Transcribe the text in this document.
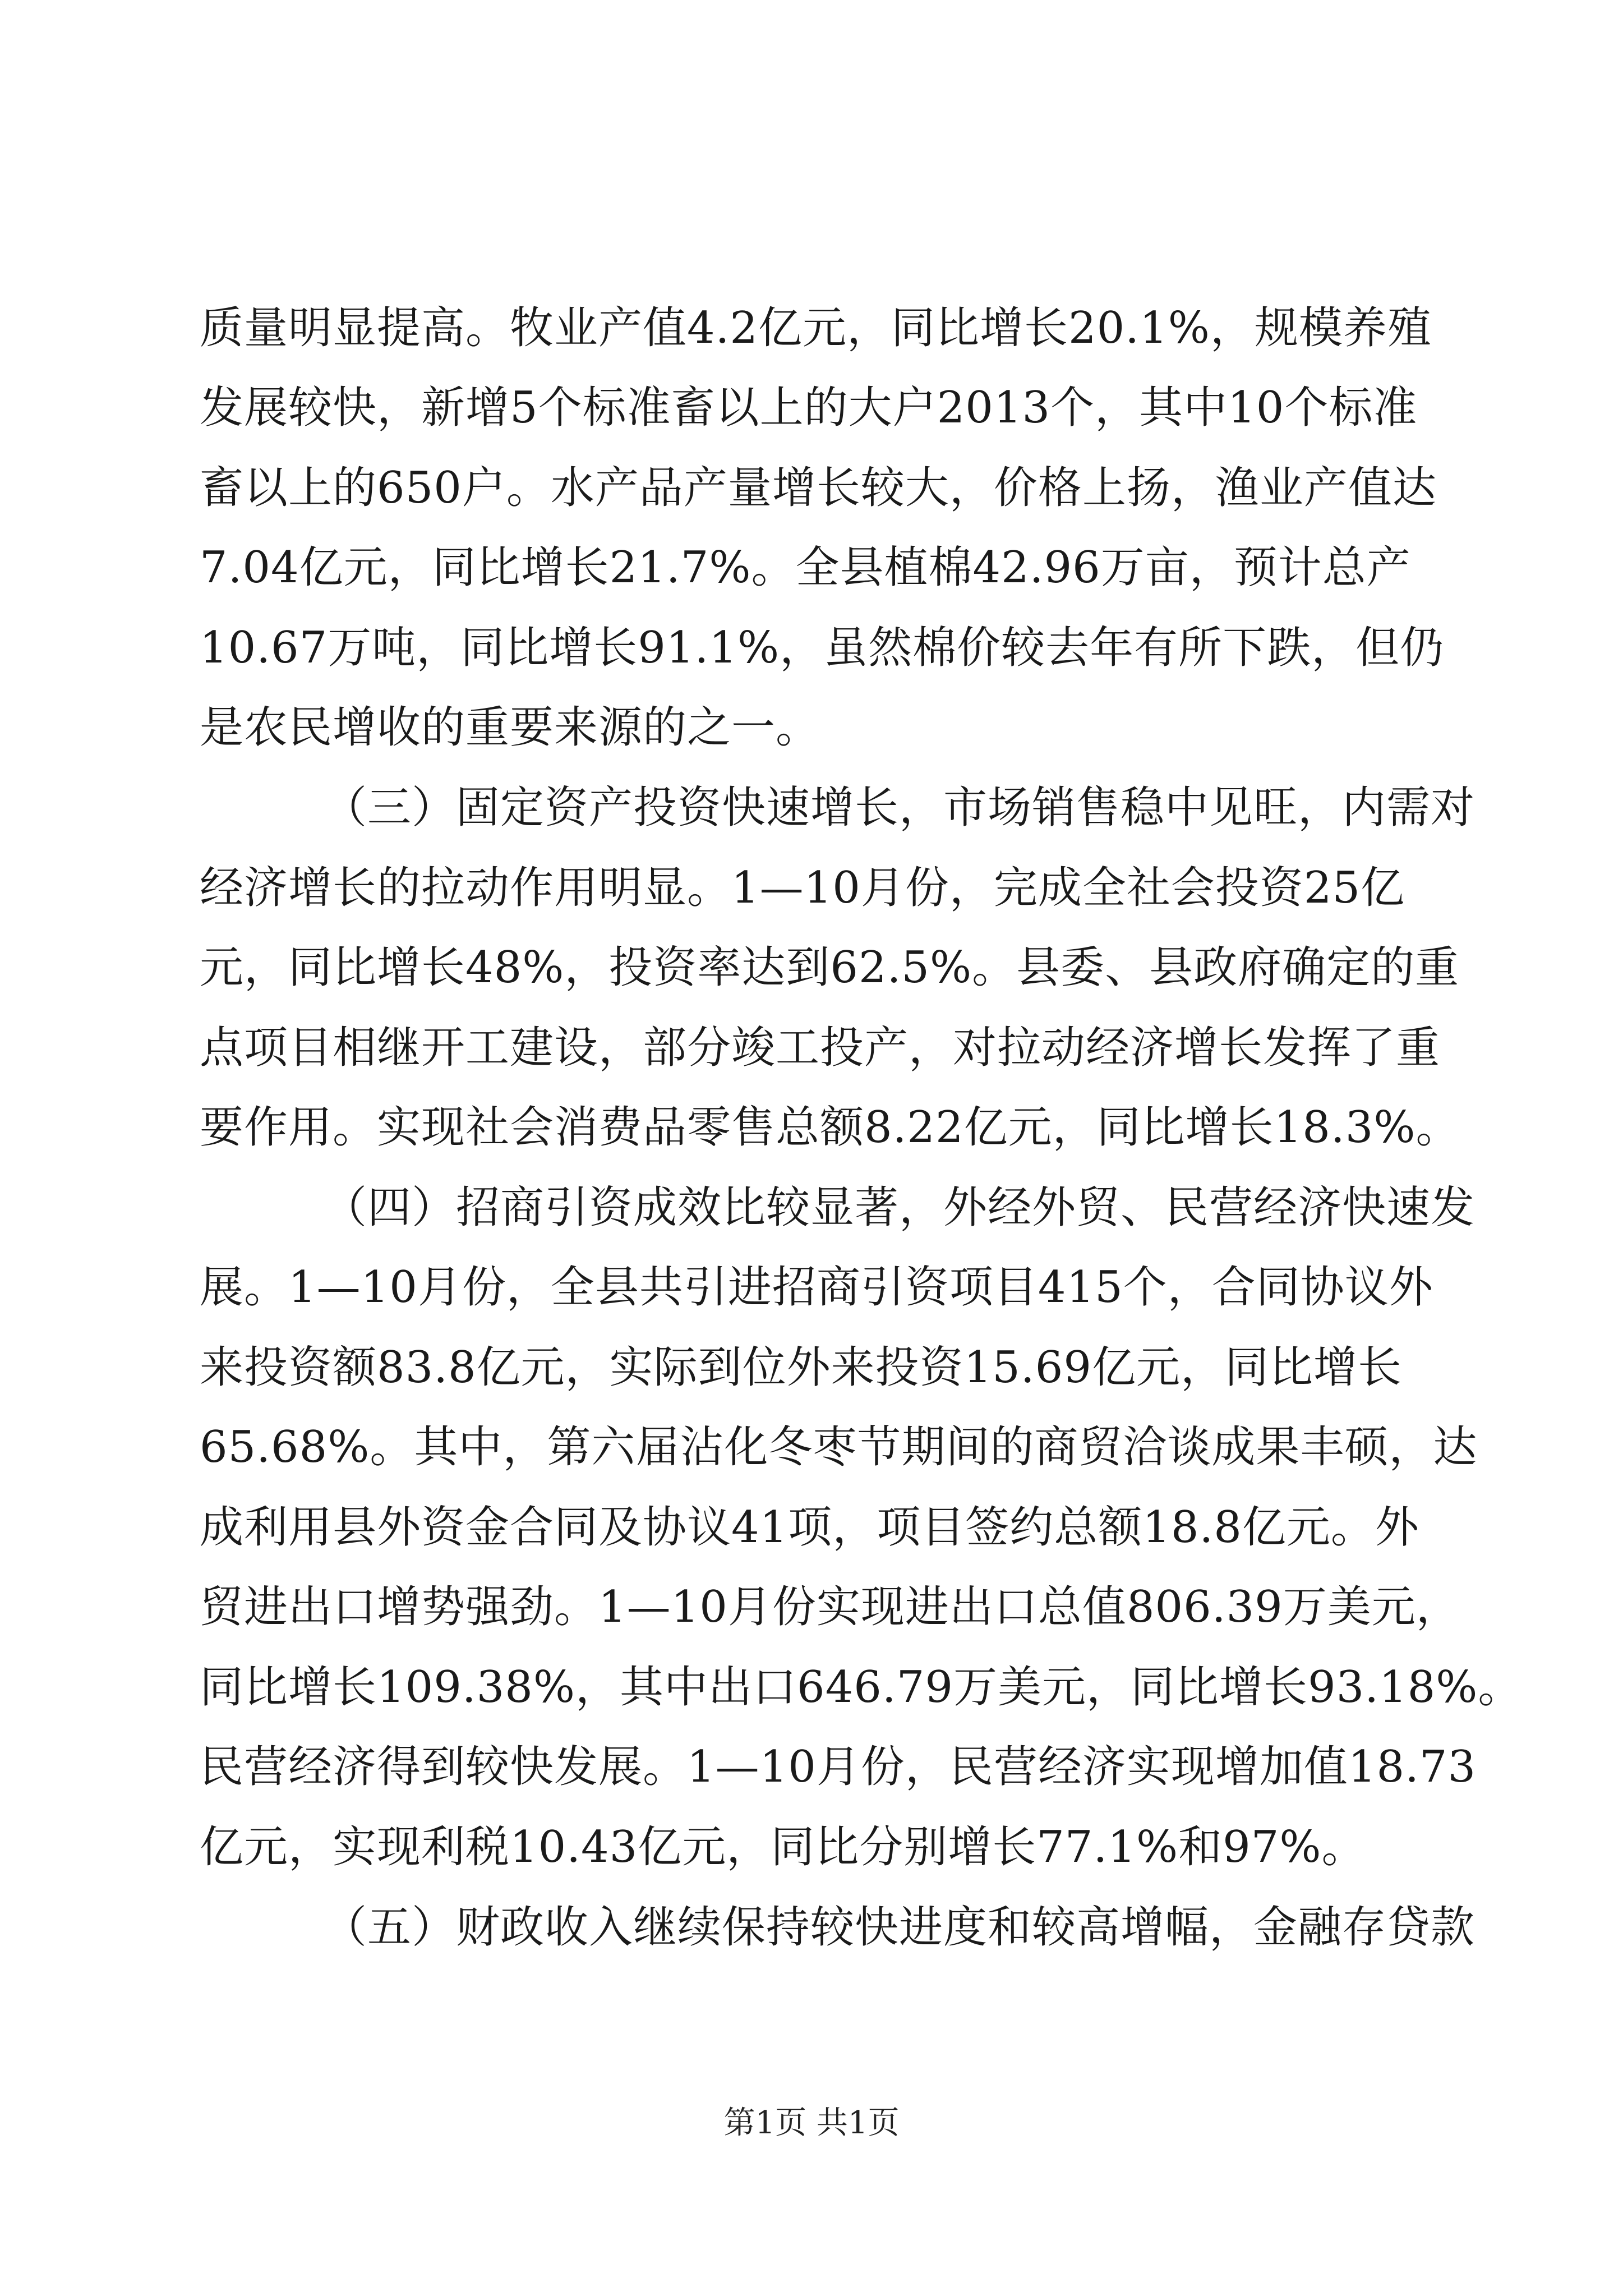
质量明显提高。牧业产值4.2亿元，同比增长20.1%，规模养殖
发展较快，新增5个标准畜以上的大户2013个，其中10个标准
畜以上的650户。水产品产量增长较大，价格上扬，渔业产值达
7.04亿元，同比增长21.7%。全县植棉42.96万亩，预计总产
10.67万吨，同比增长91.1%，虽然棉价较去年有所下跌，但仍
是农民增收的重要来源的之一。
（三）固定资产投资快速增长，市场销售稳中见旺，内需对
经济增长的拉动作用明显。1—10月份，完成全社会投资25亿
元，同比增长48%，投资率达到62.5%。县委、县政府确定的重
点项目相继开工建设，部分竣工投产，对拉动经济增长发挥了重
要作用。实现社会消费品零售总额8.22亿元，同比增长18.3%。
（四）招商引资成效比较显著，外经外贸、民营经济快速发
展。1—10月份，全县共引进招商引资项目415个，合同协议外
来投资额83.8亿元，实际到位外来投资15.69亿元，同比增长
65.68%。其中，第六届沾化冬枣节期间的商贸洽谈成果丰硕，达
成利用县外资金合同及协议41项，项目签约总额18.8亿元。外
贸进出口增势强劲。1—10月份实现进出口总值806.39万美元，
同比增长109.38%，其中出口646.79万美元，同比增长93.18%。
民营经济得到较快发展。1—10月份，民营经济实现增加值18.73
亿元，实现利税10.43亿元，同比分别增长77.1%和97%。
（五）财政收入继续保持较快进度和较高增幅，金融存贷款
第1页 共1页
